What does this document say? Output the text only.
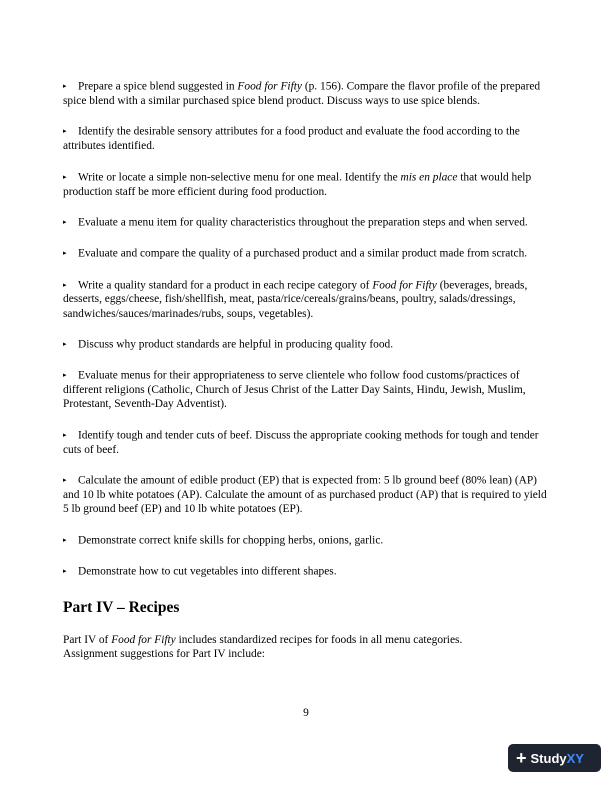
▸ Prepare a spice blend suggested in Food for Fifty (p. 156). Compare the flavor profile of the prepared spice blend with a similar purchased spice blend product. Discuss ways to use spice blends.

▸ Identify the desirable sensory attributes for a food product and evaluate the food according to the attributes identified.

▸ Write or locate a simple non-selective menu for one meal. Identify the mis en place that would help production staff be more efficient during food production.

▸ Evaluate a menu item for quality characteristics throughout the preparation steps and when served.

▸ Evaluate and compare the quality of a purchased product and a similar product made from scratch.

▸ Write a quality standard for a product in each recipe category of Food for Fifty (beverages, breads, desserts, eggs/cheese, fish/shellfish, meat, pasta/rice/cereals/grains/beans, poultry, salads/dressings, sandwiches/sauces/marinades/rubs, soups, vegetables).

▸ Discuss why product standards are helpful in producing quality food.

▸ Evaluate menus for their appropriateness to serve clientele who follow food customs/practices of different religions (Catholic, Church of Jesus Christ of the Latter Day Saints, Hindu, Jewish, Muslim, Protestant, Seventh-Day Adventist).

▸ Identify tough and tender cuts of beef. Discuss the appropriate cooking methods for tough and tender cuts of beef.

▸ Calculate the amount of edible product (EP) that is expected from: 5 lb ground beef (80% lean) (AP) and 10 lb white potatoes (AP). Calculate the amount of as purchased product (AP) that is required to yield 5 lb ground beef (EP) and 10 lb white potatoes (EP).

▸ Demonstrate correct knife skills for chopping herbs, onions, garlic.

▸ Demonstrate how to cut vegetables into different shapes.

Part IV – Recipes

Part IV of Food for Fifty includes standardized recipes for foods in all menu categories.
Assignment suggestions for Part IV include:

9
+ StudyXY
